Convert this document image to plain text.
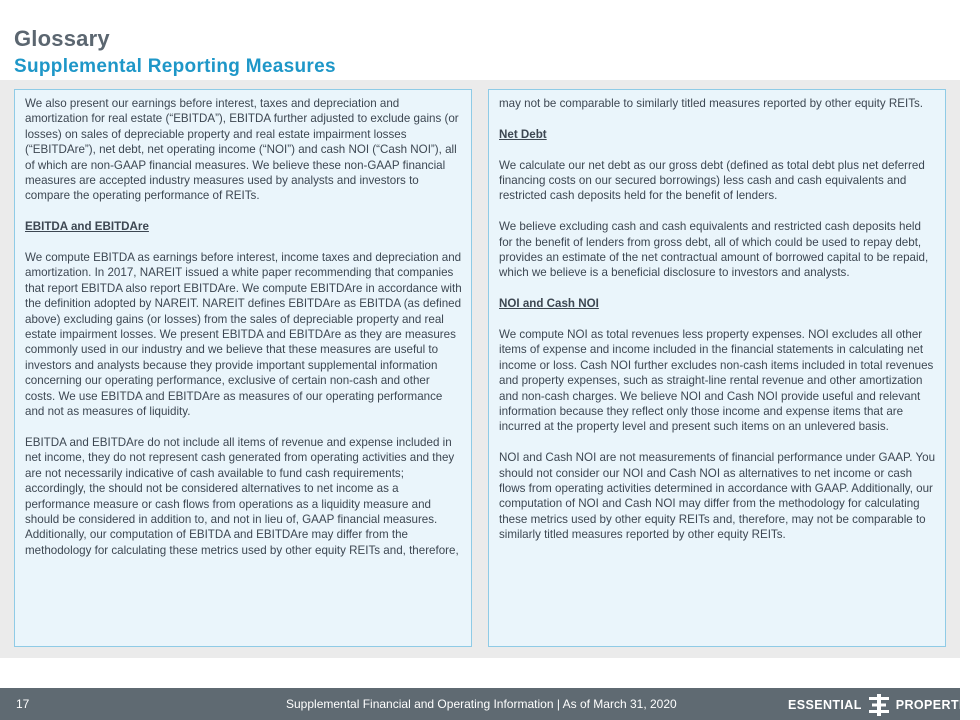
Glossary
Supplemental Reporting Measures

We also present our earnings before interest, taxes and depreciation and amortization for real estate (“EBITDA”), EBITDA further adjusted to exclude gains (or losses) on sales of depreciable property and real estate impairment losses (“EBITDAre”), net debt, net operating income (“NOI”) and cash NOI (“Cash NOI”), all of which are non-GAAP financial measures. We believe these non-GAAP financial measures are accepted industry measures used by analysts and investors to compare the operating performance of REITs.

EBITDA and EBITDAre

We compute EBITDA as earnings before interest, income taxes and depreciation and amortization. In 2017, NAREIT issued a white paper recommending that companies that report EBITDA also report EBITDAre. We compute EBITDAre in accordance with the definition adopted by NAREIT. NAREIT defines EBITDAre as EBITDA (as defined above) excluding gains (or losses) from the sales of depreciable property and real estate impairment losses. We present EBITDA and EBITDAre as they are measures commonly used in our industry and we believe that these measures are useful to investors and analysts because they provide important supplemental information concerning our operating performance, exclusive of certain non-cash and other costs. We use EBITDA and EBITDAre as measures of our operating performance and not as measures of liquidity.

EBITDA and EBITDAre do not include all items of revenue and expense included in net income, they do not represent cash generated from operating activities and they are not necessarily indicative of cash available to fund cash requirements; accordingly, the should not be considered alternatives to net income as a performance measure or cash flows from operations as a liquidity measure and should be considered in addition to, and not in lieu of, GAAP financial measures. Additionally, our computation of EBITDA and EBITDAre may differ from the methodology for calculating these metrics used by other equity REITs and, therefore,

may not be comparable to similarly titled measures reported by other equity REITs.

Net Debt

We calculate our net debt as our gross debt (defined as total debt plus net deferred financing costs on our secured borrowings) less cash and cash equivalents and restricted cash deposits held for the benefit of lenders.

We believe excluding cash and cash equivalents and restricted cash deposits held for the benefit of lenders from gross debt, all of which could be used to repay debt, provides an estimate of the net contractual amount of borrowed capital to be repaid, which we believe is a beneficial disclosure to investors and analysts.

NOI and Cash NOI

We compute NOI as total revenues less property expenses. NOI excludes all other items of expense and income included in the financial statements in calculating net income or loss. Cash NOI further excludes non-cash items included in total revenues and property expenses, such as straight-line rental revenue and other amortization and non-cash charges. We believe NOI and Cash NOI provide useful and relevant information because they reflect only those income and expense items that are incurred at the property level and present such items on an unlevered basis.

NOI and Cash NOI are not measurements of financial performance under GAAP. You should not consider our NOI and Cash NOI as alternatives to net income or cash flows from operating activities determined in accordance with GAAP. Additionally, our computation of NOI and Cash NOI may differ from the methodology for calculating these metrics used by other equity REITs and, therefore, may not be comparable to similarly titled measures reported by other equity REITs.

17	Supplemental Financial and Operating Information | As of March 31, 2020	ESSENTIAL	PROPERTIES
